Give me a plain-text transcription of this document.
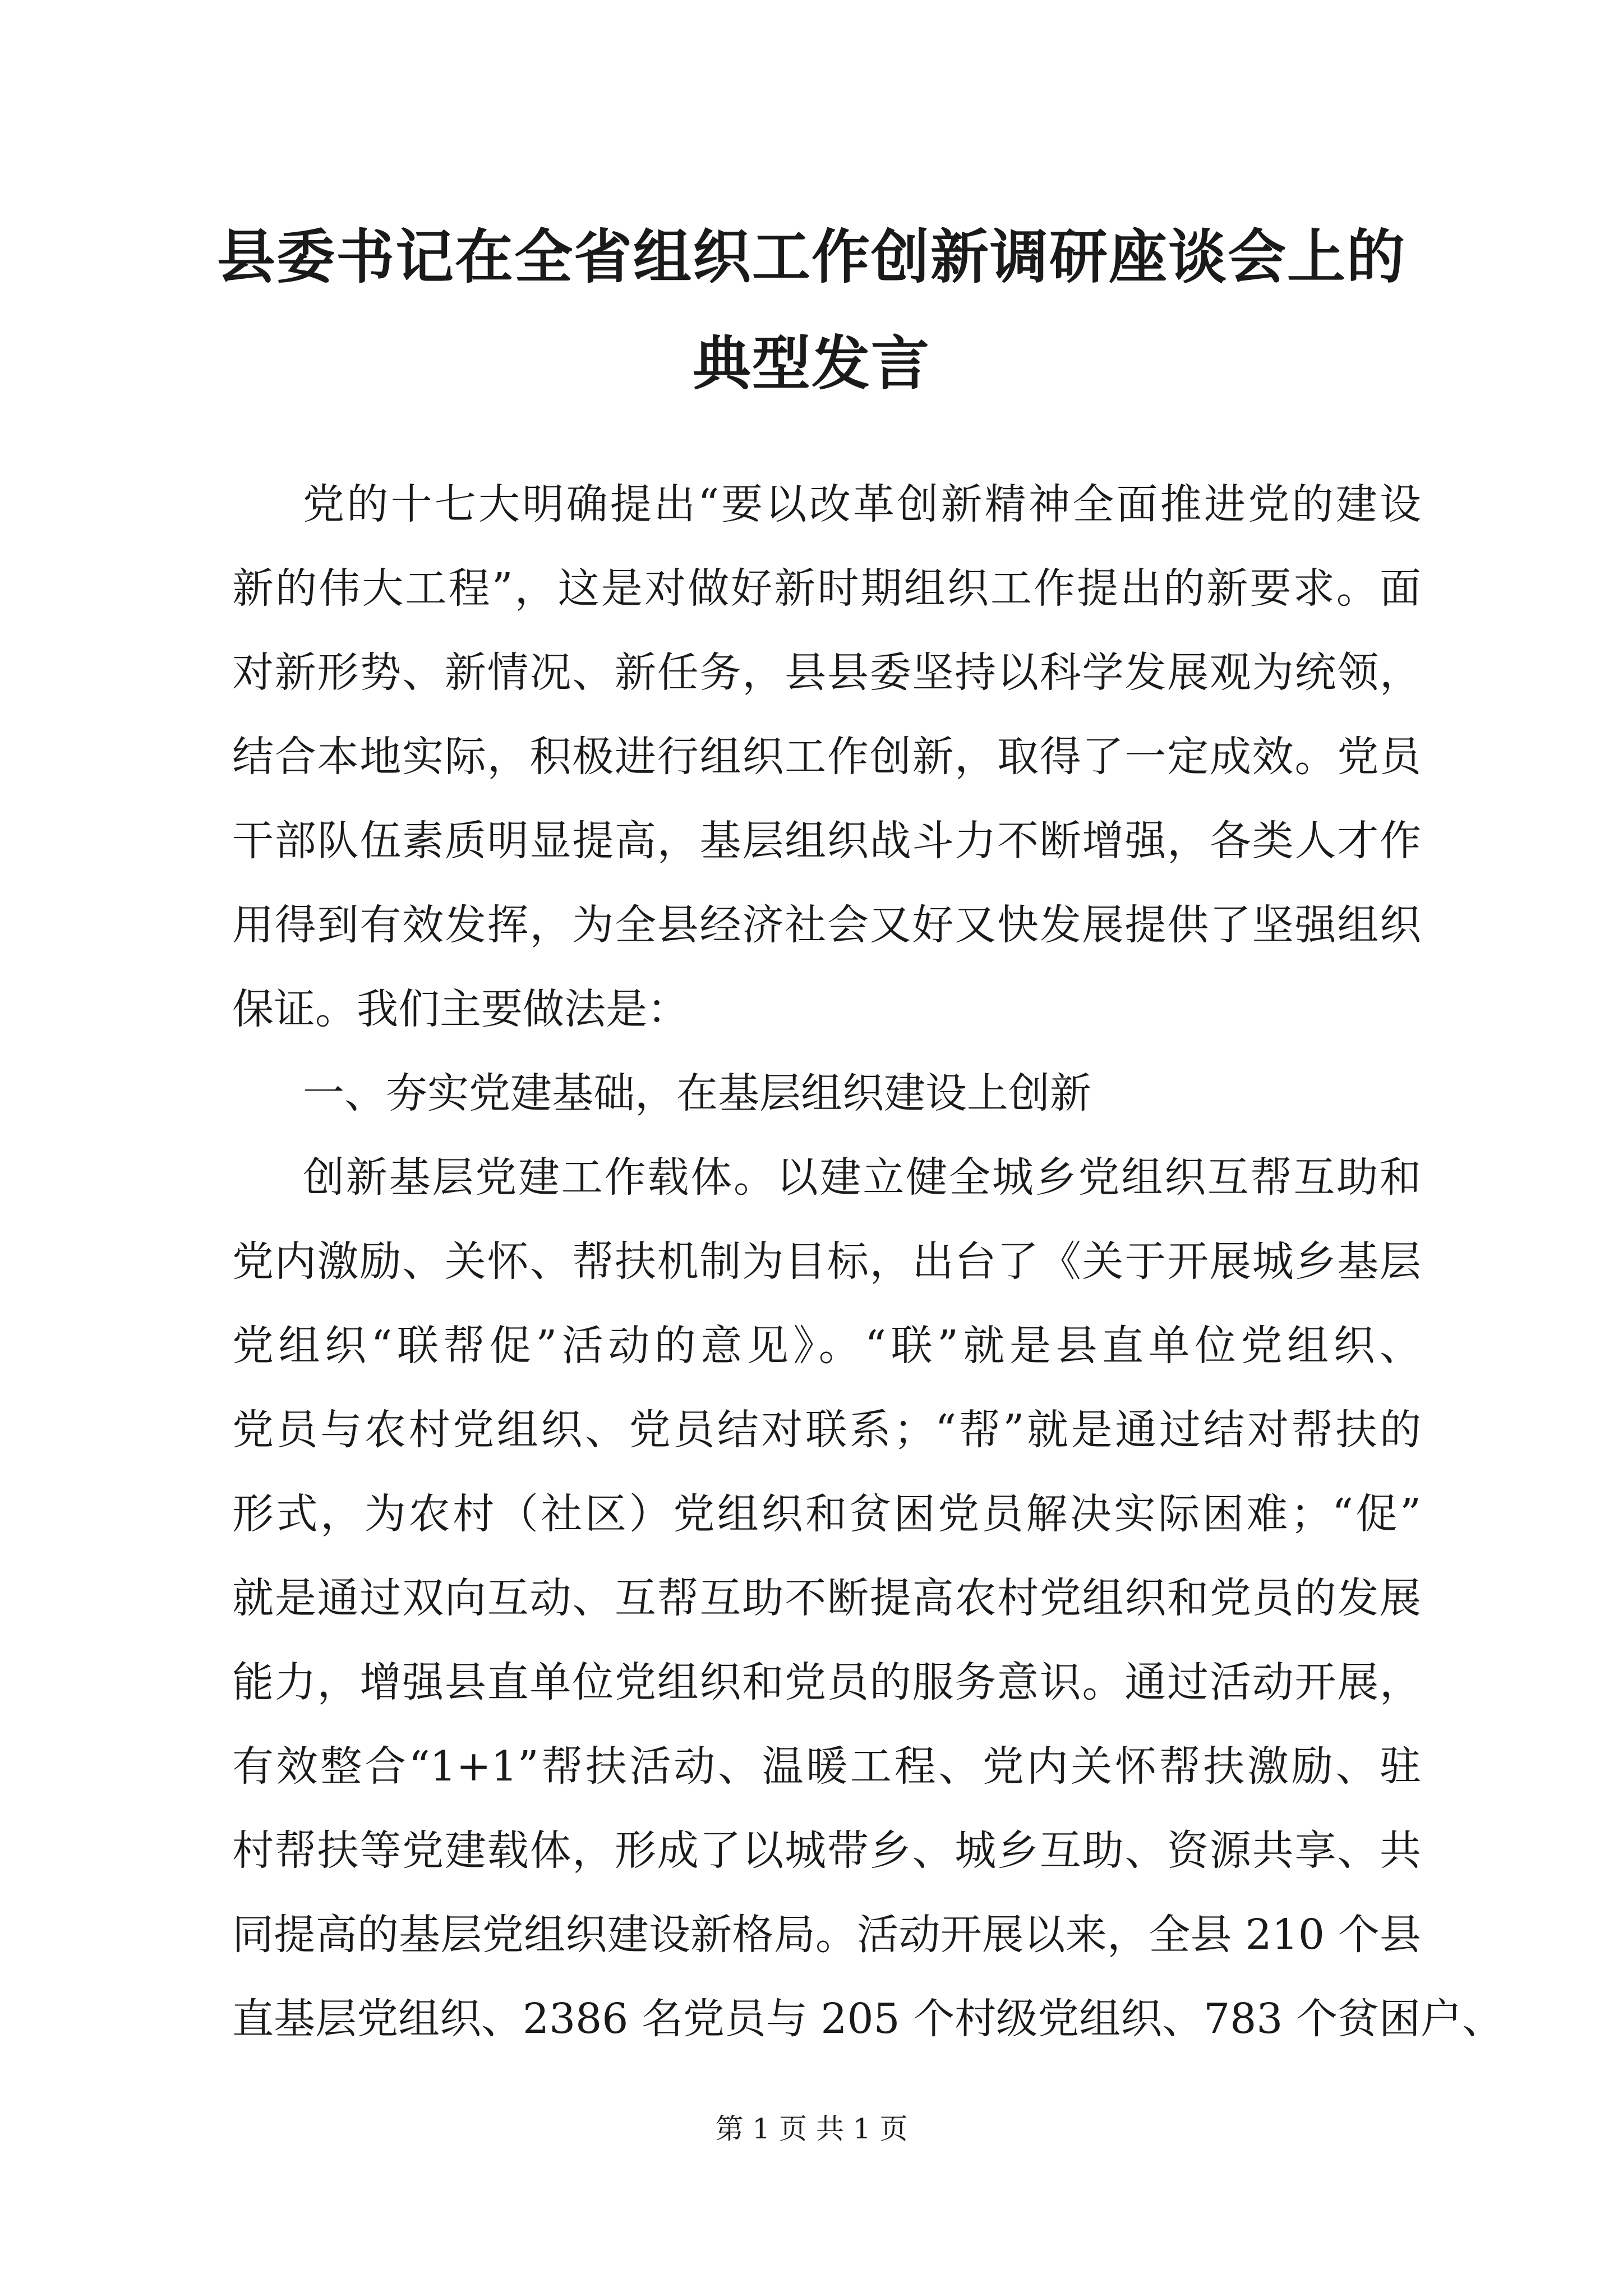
县委书记在全省组织工作创新调研座谈会上的
典型发言
党的十七大明确提出“要以改革创新精神全面推进党的建设
新的伟大工程”，这是对做好新时期组织工作提出的新要求。面
对新形势、新情况、新任务，县县委坚持以科学发展观为统领，
结合本地实际，积极进行组织工作创新，取得了一定成效。党员
干部队伍素质明显提高，基层组织战斗力不断增强，各类人才作
用得到有效发挥，为全县经济社会又好又快发展提供了坚强组织
保证。我们主要做法是：
一、夯实党建基础，在基层组织建设上创新
创新基层党建工作载体。以建立健全城乡党组织互帮互助和
党内激励、关怀、帮扶机制为目标，出台了《关于开展城乡基层
党组织“联帮促”活动的意见》。“联”就是县直单位党组织、
党员与农村党组织、党员结对联系；“帮”就是通过结对帮扶的
形式，为农村（社区）党组织和贫困党员解决实际困难；“促”
就是通过双向互动、互帮互助不断提高农村党组织和党员的发展
能力，增强县直单位党组织和党员的服务意识。通过活动开展，
有效整合“1+1”帮扶活动、温暖工程、党内关怀帮扶激励、驻
村帮扶等党建载体，形成了以城带乡、城乡互助、资源共享、共
同提高的基层党组织建设新格局。活动开展以来，全县 210 个县
直基层党组织、2386 名党员与 205 个村级党组织、783 个贫困户、
第 1 页 共 1 页
